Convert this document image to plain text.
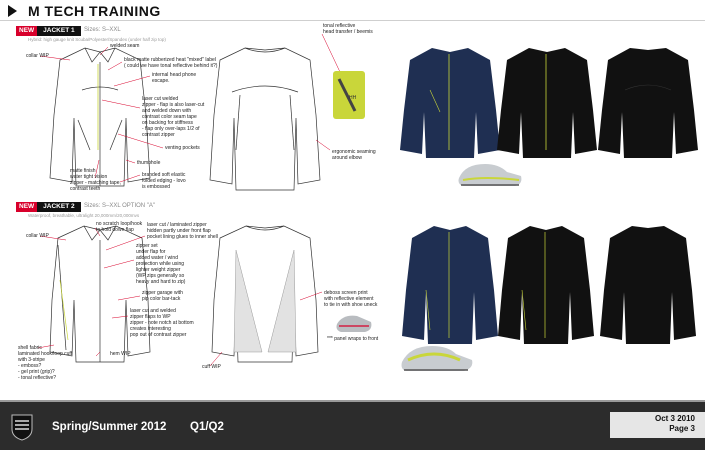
M TECH TRAINING
NEW	JACKET 1	Sizes: S–XXL
Hybrid: high gauge knit Scuba/Polyester/Spandex (under half zip top)
HH
collar WIP
welded seam
black matte rubberized heat "mixed" label
( could we have tonal reflective behind it?)
internal head phone
escape.
laser cut welded
zipper - flap is also laser-cut
and welded down with
contrast color seam tape
on backing for stiffness
- flap only over-laps 1/2 of
contrast zipper
venting pockets
thumbhole
matte finish
water tight vision
zipper - matching tape,
contrast teeth
branded soft elastic
folded edging - lovo
is embossed
tonal reflective
head transfer / beemis
ergonomic seaming
around elbow
NEW	JACKET 2	Sizes: S–XXL OPTION "A"
Waterproof, breathable, ultralight 20,000mm/20,000mvs
collar WIP
no scratch loop/hook
to hold down flap
laser cut / laminated zipper
hidden partly under front flap
pocket lining glues to inner shell
zipper set
under flap for
added water / wind
protection while using
lighter weight zipper
(WP zips generally so
heavy and hard to zip)
zipper garage with
pip color bar-tack
laser cut and welded
zipper flaps to WP
zipper - note notch at bottom
creates interesting
pop out of contrast zipper
hem WIP
shell fabric
laminated hook/loop cuff
with 3-stripe
- emboss?
- gel print (grip)?
- tonal reflective?
cuff WIP
deboss screen print
with reflective element
to tie in with shoe uneck
*** panel wraps to front
Spring/Summer 2012 Q1/Q2
Oct 3 2010
Page 3
